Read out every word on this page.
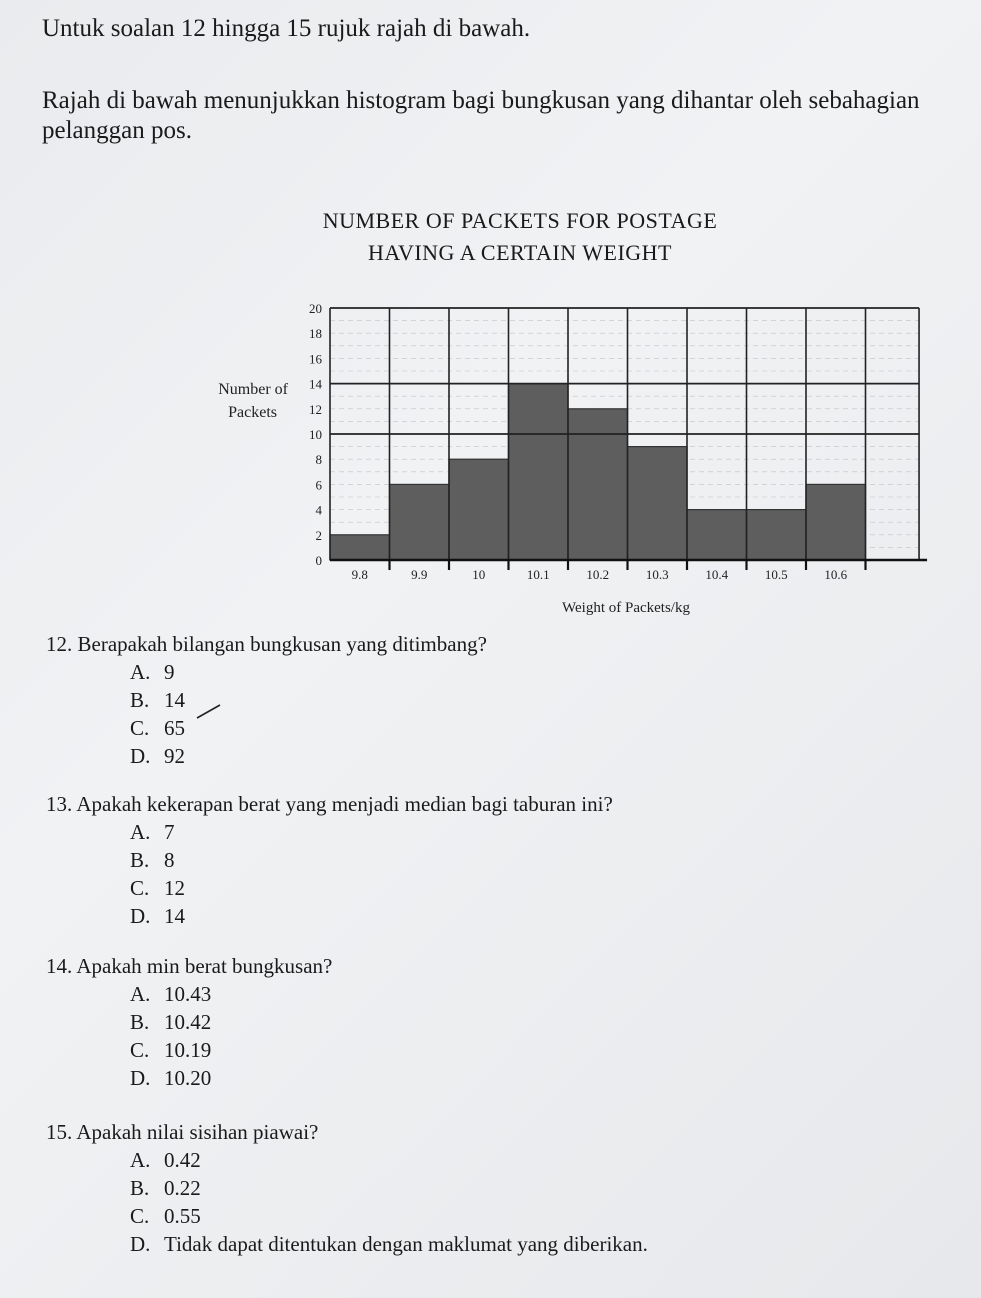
Untuk soalan 12 hingga 15 rujuk rajah di bawah.

Rajah di bawah menunjukkan histogram bagi bungkusan yang dihantar oleh sebahagian pelanggan pos.

NUMBER OF PACKETS FOR POSTAGE
HAVING A CERTAIN WEIGHT
0
2
4
6
8
10
12
14
16
18
20
9.8	9.9	10	10.1	10.2	10.3	10.4	10.5	10.6
Number of
Packets
Weight of Packets/kg
12. Berapakah bilangan bungkusan yang ditimbang?
A. 9
B. 14
C. 65
D. 92
13. Apakah kekerapan berat yang menjadi median bagi taburan ini?
A. 7
B. 8
C. 12
D. 14
14. Apakah min berat bungkusan?
A. 10.43
B. 10.42
C. 10.19
D. 10.20
15. Apakah nilai sisihan piawai?
A. 0.42
B. 0.22
C. 0.55
D. Tidak dapat ditentukan dengan maklumat yang diberikan.
